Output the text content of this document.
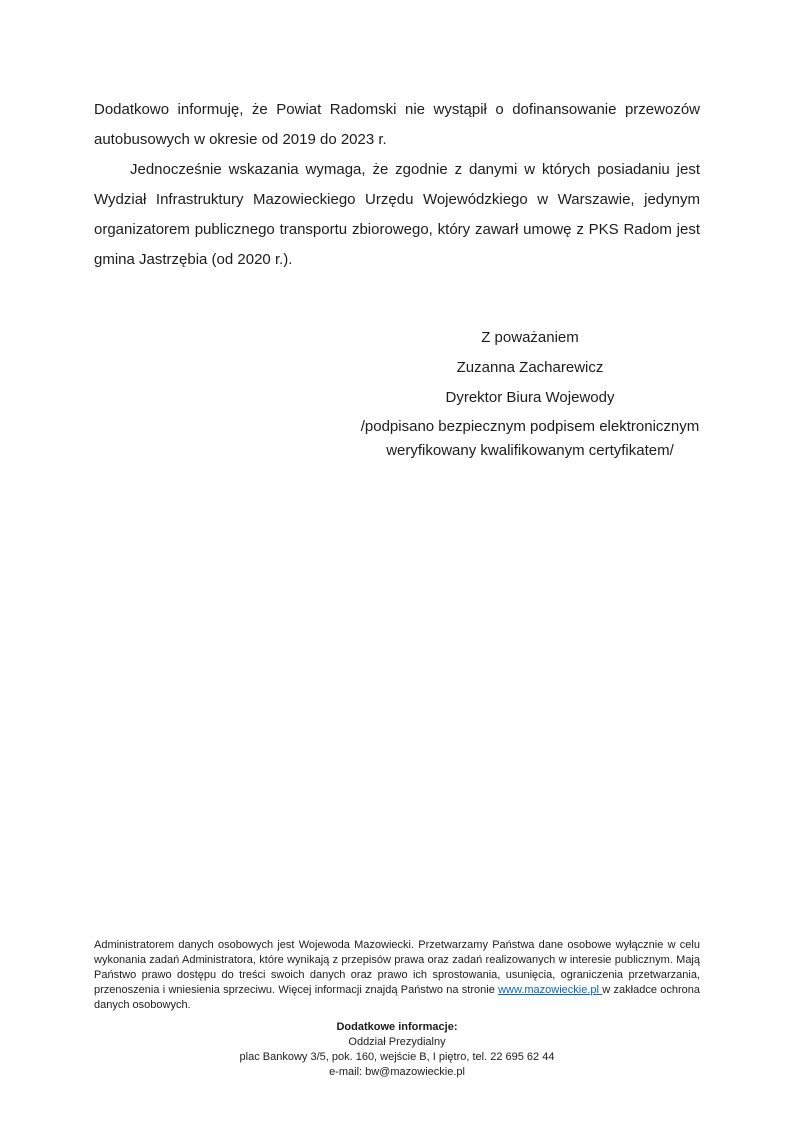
Dodatkowo informuję, że Powiat Radomski nie wystąpił o dofinansowanie przewozów autobusowych w okresie od 2019 do 2023 r.

Jednocześnie wskazania wymaga, że zgodnie z danymi w których posiadaniu jest Wydział Infrastruktury Mazowieckiego Urzędu Wojewódzkiego w Warszawie, jedynym organizatorem publicznego transportu zbiorowego, który zawarł umowę z PKS Radom jest gmina Jastrzębia (od 2020 r.).

Z poważaniem
Zuzanna Zacharewicz
Dyrektor Biura Wojewody
/podpisano bezpiecznym podpisem elektronicznym
weryfikowany kwalifikowanym certyfikatem/

Administratorem danych osobowych jest Wojewoda Mazowiecki. Przetwarzamy Państwa dane osobowe wyłącznie w celu wykonania zadań Administratora, które wynikają z przepisów prawa oraz zadań realizowanych w interesie publicznym. Mają Państwo prawo dostępu do treści swoich danych oraz prawo ich sprostowania, usunięcia, ograniczenia przetwarzania, przenoszenia i wniesienia sprzeciwu. Więcej informacji znajdą Państwo na stronie www.mazowieckie.pl w zakładce ochrona danych osobowych.

Dodatkowe informacje:
Oddział Prezydialny
plac Bankowy 3/5, pok. 160, wejście B, I piętro, tel. 22 695 62 44
e-mail: bw@mazowieckie.pl
